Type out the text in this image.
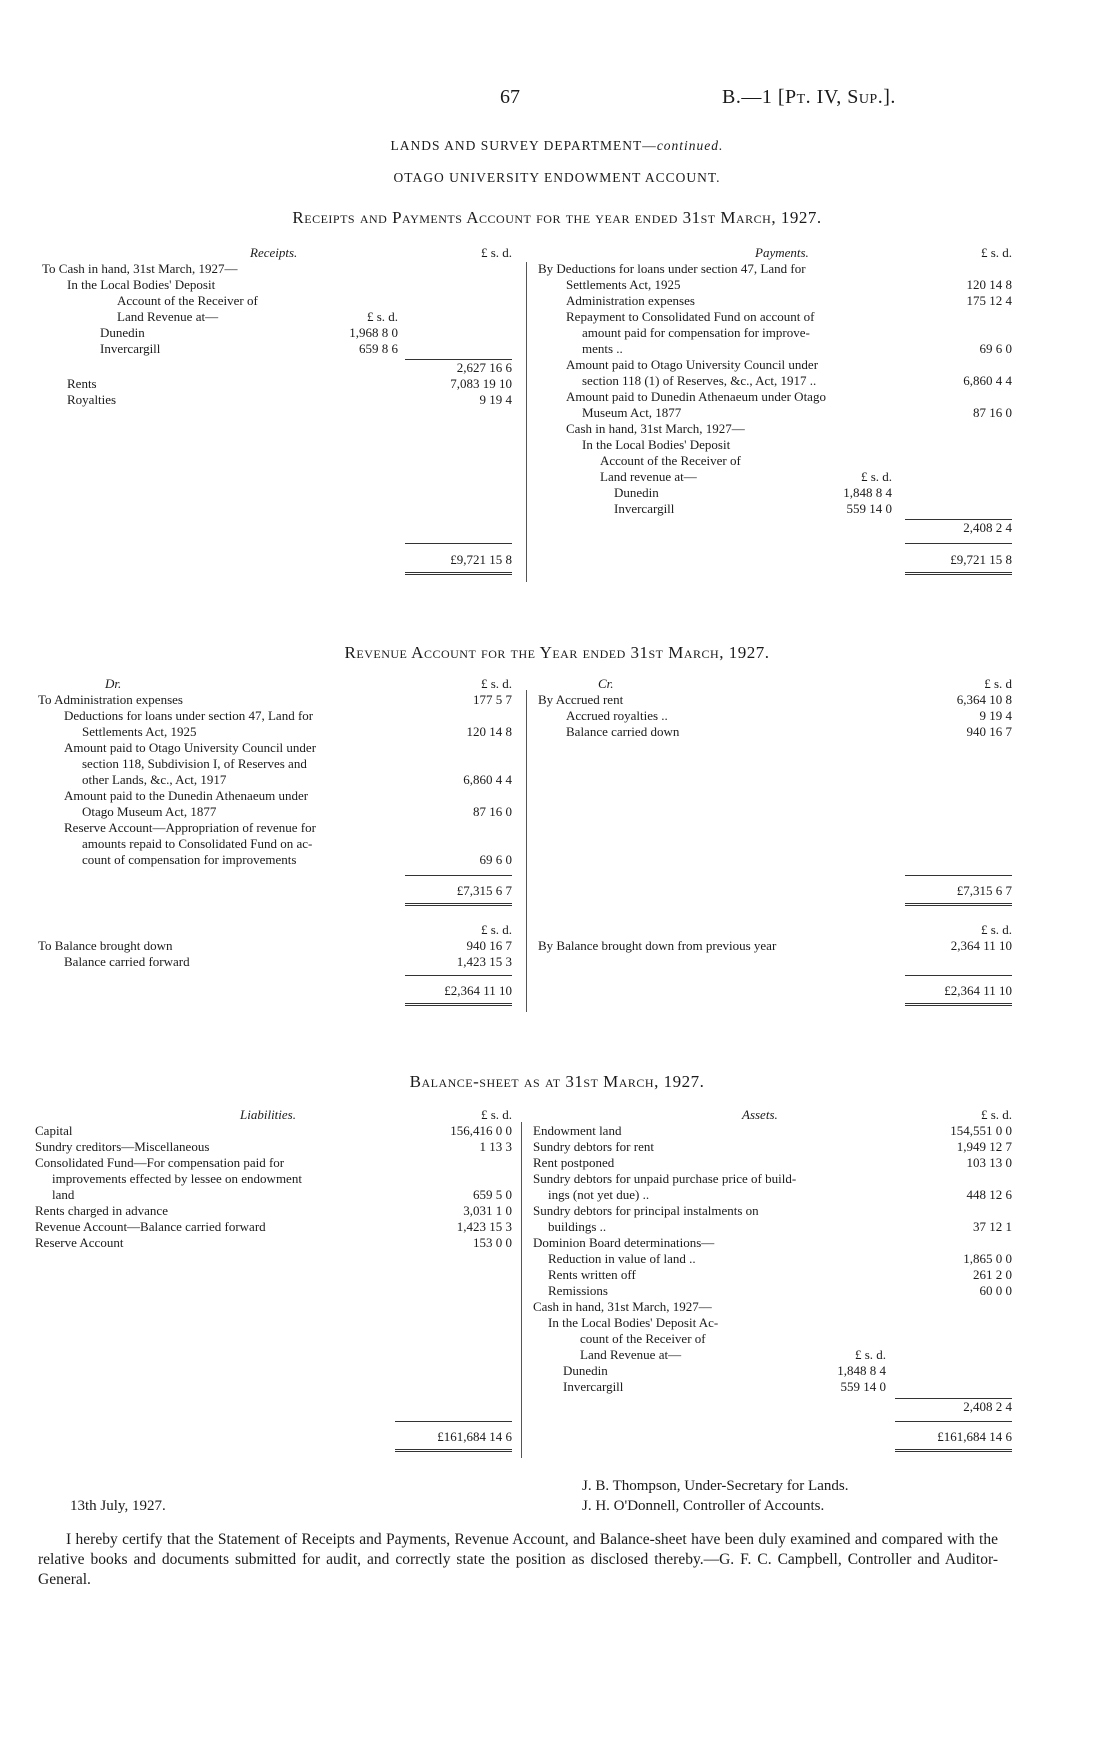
67	B.—1 [Pt. IV, Sup.].
LANDS AND SURVEY DEPARTMENT—continued.
OTAGO UNIVERSITY ENDOWMENT ACCOUNT.
Receipts and Payments Account for the year ended 31st March, 1927.
Receipts.	£ s. d.
To Cash in hand, 31st March, 1927—
In the Local Bodies' Deposit
Account of the Receiver of
Land Revenue at—	£ s. d.
Dunedin	1,968 8 0
Invercargill	659 8 6
2,627 16 6
Rents	7,083 19 10
Royalties	9 19 4
£9,721 15 8
Payments.	£ s. d.
By Deductions for loans under section 47, Land for
Settlements Act, 1925	120 14 8
Administration expenses	175 12 4
Repayment to Consolidated Fund on account of
amount paid for compensation for improve-
ments ..	69 6 0
Amount paid to Otago University Council under
section 118 (1) of Reserves, &c., Act, 1917 ..	6,860 4 4
Amount paid to Dunedin Athenaeum under Otago
Museum Act, 1877	87 16 0
Cash in hand, 31st March, 1927—
In the Local Bodies' Deposit
Account of the Receiver of
Land revenue at—	£ s. d.
Dunedin	1,848 8 4
Invercargill	559 14 0
2,408 2 4
£9,721 15 8
Revenue Account for the Year ended 31st March, 1927.
Dr.	£ s. d.
To Administration expenses	177 5 7
Deductions for loans under section 47, Land for
Settlements Act, 1925	120 14 8
Amount paid to Otago University Council under
section 118, Subdivision I, of Reserves and
other Lands, &c., Act, 1917	6,860 4 4
Amount paid to the Dunedin Athenaeum under
Otago Museum Act, 1877	87 16 0
Reserve Account—Appropriation of revenue for
amounts repaid to Consolidated Fund on ac-
count of compensation for improvements	69 6 0
£7,315 6 7
£ s. d.
To Balance brought down	940 16 7
Balance carried forward	1,423 15 3
£2,364 11 10
Cr.	£ s. d
By Accrued rent	6,364 10 8
Accrued royalties ..	9 19 4
Balance carried down	940 16 7
£7,315 6 7
£ s. d.
By Balance brought down from previous year	2,364 11 10
£2,364 11 10
Balance-sheet as at 31st March, 1927.
Liabilities.	£ s. d.
Capital	156,416 0 0
Sundry creditors—Miscellaneous	1 13 3
Consolidated Fund—For compensation paid for
improvements effected by lessee on endowment
land	659 5 0
Rents charged in advance	3,031 1 0
Revenue Account—Balance carried forward	1,423 15 3
Reserve Account	153 0 0
£161,684 14 6
Assets.	£ s. d.
Endowment land	154,551 0 0
Sundry debtors for rent	1,949 12 7
Rent postponed	103 13 0
Sundry debtors for unpaid purchase price of build-
ings (not yet due) ..	448 12 6
Sundry debtors for principal instalments on
buildings ..	37 12 1
Dominion Board determinations—
Reduction in value of land ..	1,865 0 0
Rents written off	261 2 0
Remissions	60 0 0
Cash in hand, 31st March, 1927—
In the Local Bodies' Deposit Ac-
count of the Receiver of
Land Revenue at—	£ s. d.
Dunedin	1,848 8 4
Invercargill	559 14 0
2,408 2 4
£161,684 14 6
J. B. Thompson, Under-Secretary for Lands.
13th July, 1927.	J. H. O'Donnell, Controller of Accounts.
I hereby certify that the Statement of Receipts and Payments, Revenue Account, and Balance-sheet have been duly examined and compared with the relative books and documents submitted for audit, and correctly state the position as disclosed thereby.—G. F. C. Campbell, Controller and Auditor-General.
